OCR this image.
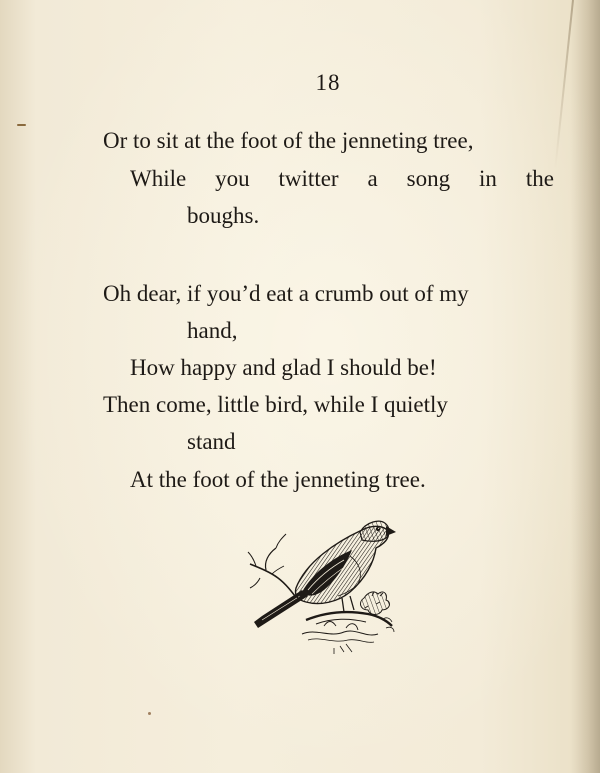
18
Or to sit at the foot of the jenneting tree,
While you twitter a song in the
boughs.
Oh dear, if you’d eat a crumb out of my
hand,
How happy and glad I should be!
Then come, little bird, while I quietly
stand
At the foot of the jenneting tree.
